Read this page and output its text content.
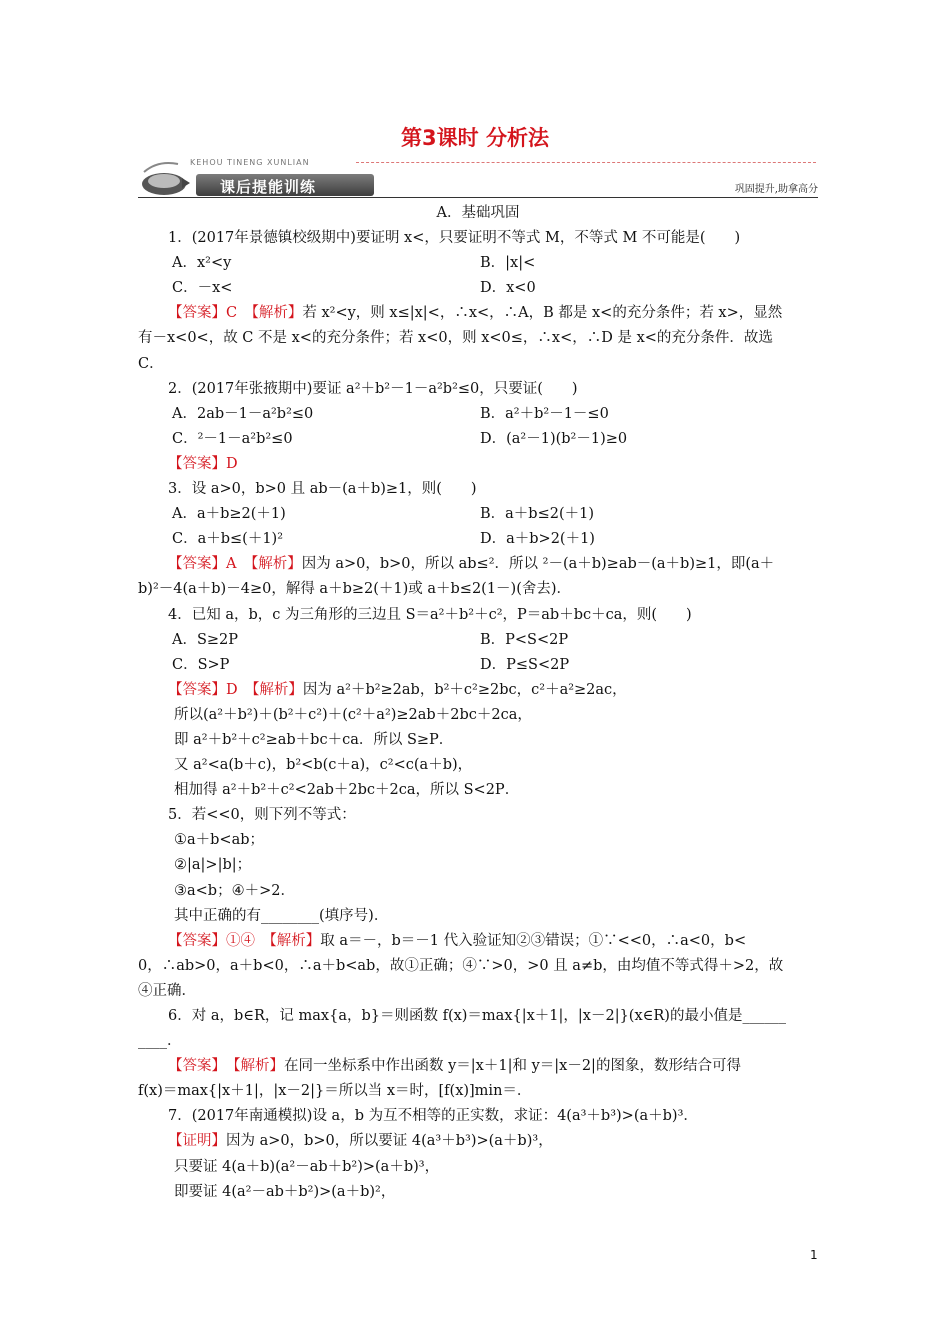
第3课时 分析法
KEHOU TINENG XUNLIAN
课后提能训练	巩固提升,助拿高分
A．基础巩固
1．(2017年景德镇校级期中)要证明 x<，只要证明不等式 M，不等式 M 不可能是(　　)
A．x²<y	B．|x|<
C．－x<	D．x<0
【答案】C　【解析】若 x²<y，则 x≤|x|<，∴x<，∴A，B 都是 x<的充分条件；若 x>，显然
有－x<0<，故 C 不是 x<的充分条件；若 x<0，则 x<0≤，∴x<，∴D 是 x<的充分条件．故选
C．
2．(2017年张掖期中)要证 a²＋b²－1－a²b²≤0，只要证(　　)
A．2ab－1－a²b²≤0	B．a²＋b²－1－≤0
C．²－1－a²b²≤0	D．(a²－1)(b²－1)≥0
【答案】D
3．设 a>0，b>0 且 ab－(a＋b)≥1，则(　　)
A．a＋b≥2(＋1)	B．a＋b≤2(＋1)
C．a＋b≤(＋1)²	D．a＋b>2(＋1)
【答案】A　【解析】因为 a>0，b>0，所以 ab≤²．所以 ²－(a＋b)≥ab－(a＋b)≥1，即(a＋
b)²－4(a＋b)－4≥0，解得 a＋b≥2(＋1)或 a＋b≤2(1－)(舍去)．
4．已知 a，b，c 为三角形的三边且 S＝a²＋b²＋c²，P＝ab＋bc＋ca，则(　　)
A．S≥2P	B．P<S<2P
C．S>P	D．P≤S<2P
【答案】D　【解析】因为 a²＋b²≥2ab，b²＋c²≥2bc，c²＋a²≥2ac，
所以(a²＋b²)＋(b²＋c²)＋(c²＋a²)≥2ab＋2bc＋2ca，
即 a²＋b²＋c²≥ab＋bc＋ca．所以 S≥P．
又 a²<a(b＋c)，b²<b(c＋a)，c²<c(a＋b)，
相加得 a²＋b²＋c²<2ab＋2bc＋2ca，所以 S<2P．
5．若<<0，则下列不等式：
①a＋b<ab；
②|a|>|b|；
③a<b；④＋>2．
其中正确的有________(填序号)．
【答案】①④　【解析】取 a＝－，b＝－1 代入验证知②③错误；①∵<<0，∴a<0，b<
0，∴ab>0，a＋b<0，∴a＋b<ab，故①正确；④∵>0，>0 且 a≠b，由均值不等式得＋>2，故
④正确．
6．对 a，b∈R，记 max{a，b}＝则函数 f(x)＝max{|x＋1|，|x－2|}(x∈R)的最小值是______
____．
【答案】　【解析】在同一坐标系中作出函数 y＝|x＋1|和 y＝|x－2|的图象，数形结合可得
f(x)＝max{|x＋1|，|x－2|}＝所以当 x＝时，[f(x)]min＝．
7．(2017年南通模拟)设 a，b 为互不相等的正实数，求证：4(a³＋b³)>(a＋b)³．
【证明】因为 a>0，b>0，所以要证 4(a³＋b³)>(a＋b)³，
只要证 4(a＋b)(a²－ab＋b²)>(a＋b)³，
即要证 4(a²－ab＋b²)>(a＋b)²，
1
